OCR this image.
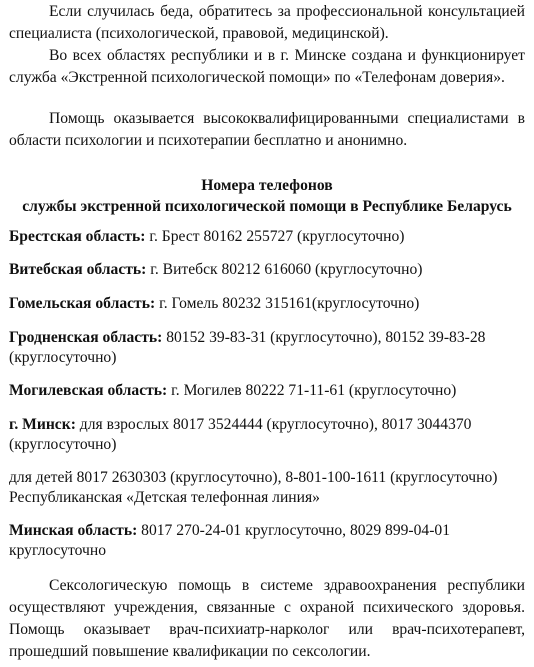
Если случилась беда, обратитесь за профессиональной консультацией специалиста (психологической, правовой, медицинской).

Во всех областях республики и в г. Минске создана и функционирует служба «Экстренной психологической помощи» по «Телефонам доверия».

Помощь оказывается высококвалифицированными специалистами в области психологии и психотерапии бесплатно и анонимно.

Номера телефонов

службы экстренной психологической помощи в Республике Беларусь

Брестская область: г. Брест 80162 255727 (круглосуточно)

Витебская область: г. Витебск 80212 616060 (круглосуточно)

Гомельская область: г. Гомель 80232 315161(круглосуточно)

Гродненская область: 80152 39-83-31 (круглосуточно), 80152 39-83-28 (круглосуточно)

Могилевская область: г. Могилев 80222 71-11-61 (круглосуточно)

г. Минск: для взрослых 8017 3524444 (круглосуточно), 8017 3044370 (круглосуточно)

для детей 8017 2630303 (круглосуточно), 8-801-100-1611 (круглосуточно) Республиканская «Детская телефонная линия»

Минская область: 8017 270-24-01 круглосуточно, 8029 899-04-01 круглосуточно

Сексологическую помощь в системе здравоохранения республики осуществляют учреждения, связанные с охраной психического здоровья. Помощь оказывает врач-психиатр-нарколог или врач-психотерапевт, прошедший повышение квалификации по сексологии.
